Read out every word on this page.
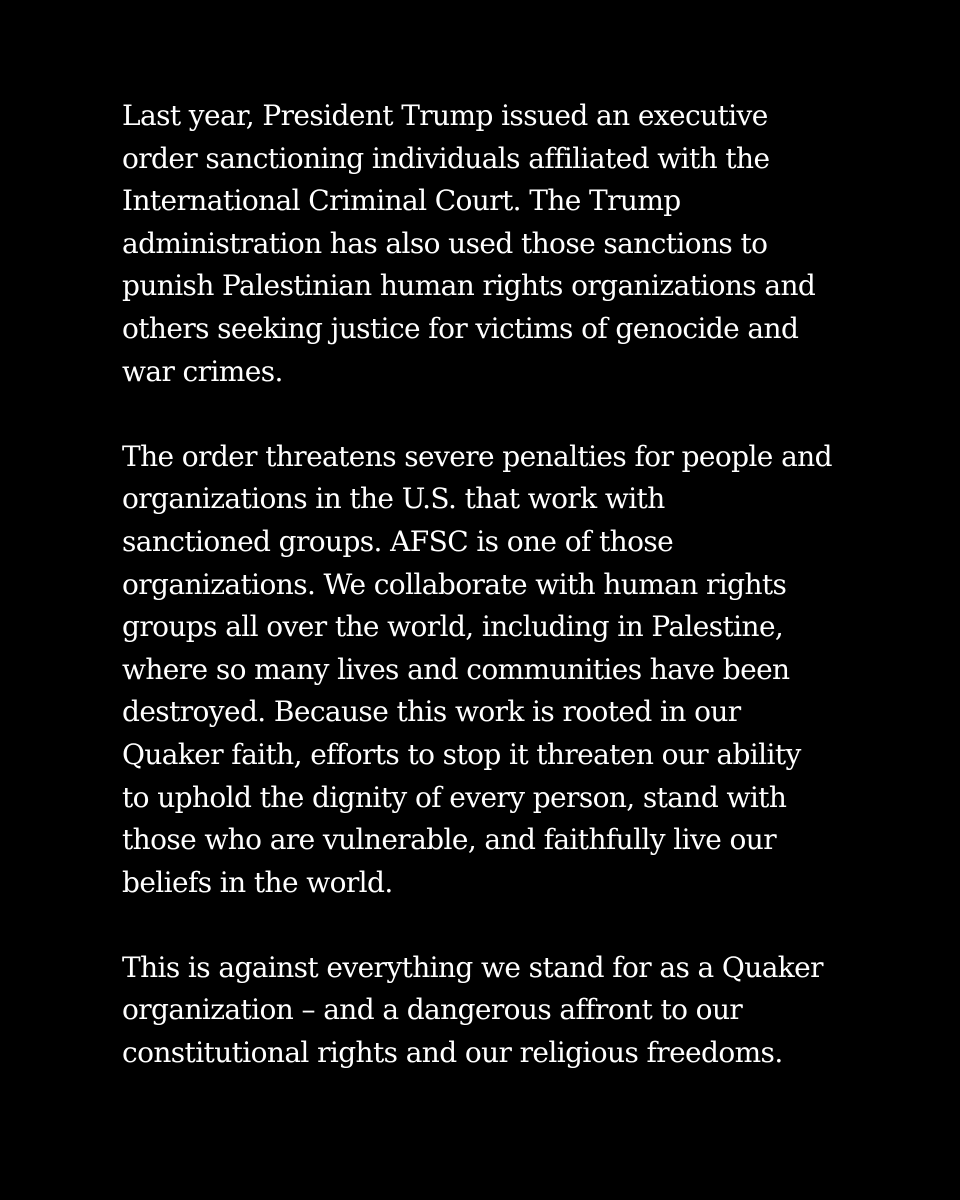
Last year, President Trump issued an executive
order sanctioning individuals affiliated with the
International Criminal Court. The Trump
administration has also used those sanctions to
punish Palestinian human rights organizations and
others seeking justice for victims of genocide and
war crimes.

The order threatens severe penalties for people and
organizations in the U.S. that work with
sanctioned groups. AFSC is one of those
organizations. We collaborate with human rights
groups all over the world, including in Palestine,
where so many lives and communities have been
destroyed. Because this work is rooted in our
Quaker faith, efforts to stop it threaten our ability
to uphold the dignity of every person, stand with
those who are vulnerable, and faithfully live our
beliefs in the world.

This is against everything we stand for as a Quaker
organization – and a dangerous affront to our
constitutional rights and our religious freedoms.
